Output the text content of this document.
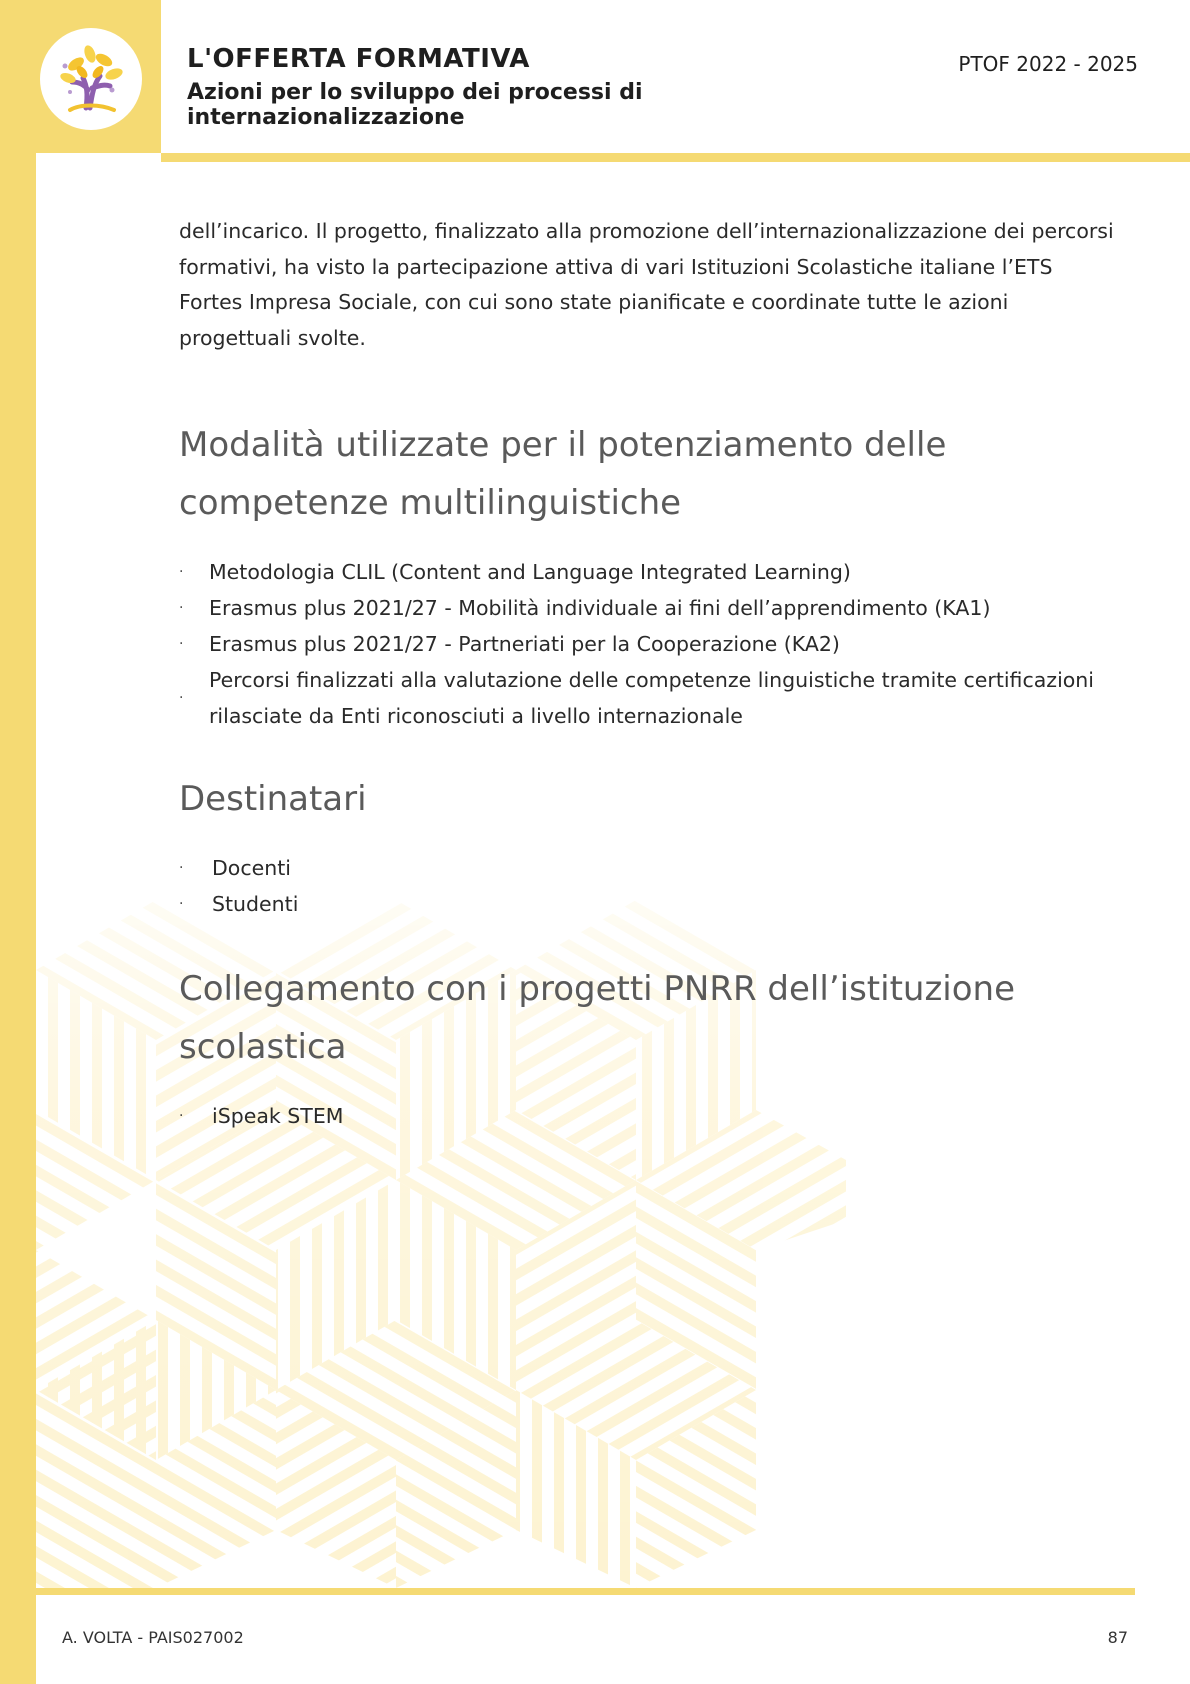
L'OFFERTA FORMATIVA
Azioni per lo sviluppo dei processi di internazionalizzazione

PTOF 2022 - 2025

dell’incarico. Il progetto, finalizzato alla promozione dell’internazionalizzazione dei percorsi formativi, ha visto la partecipazione attiva di vari Istituzioni Scolastiche italiane l’ETS Fortes Impresa Sociale, con cui sono state pianificate e coordinate tutte le azioni progettuali svolte.

Modalità utilizzate per il potenziamento delle competenze multilinguistiche
· Metodologia CLIL (Content and Language Integrated Learning)
· Erasmus plus 2021/27 - Mobilità individuale ai fini dell’apprendimento (KA1)
· Erasmus plus 2021/27 - Partneriati per la Cooperazione (KA2)
·
Percorsi finalizzati alla valutazione delle competenze linguistiche tramite certificazioni rilasciate da Enti riconosciuti a livello internazionale
Destinatari
· Docenti
· Studenti
Collegamento con i progetti PNRR dell’istituzione scolastica
· iSpeak STEM

A. VOLTA - PAIS027002	87
